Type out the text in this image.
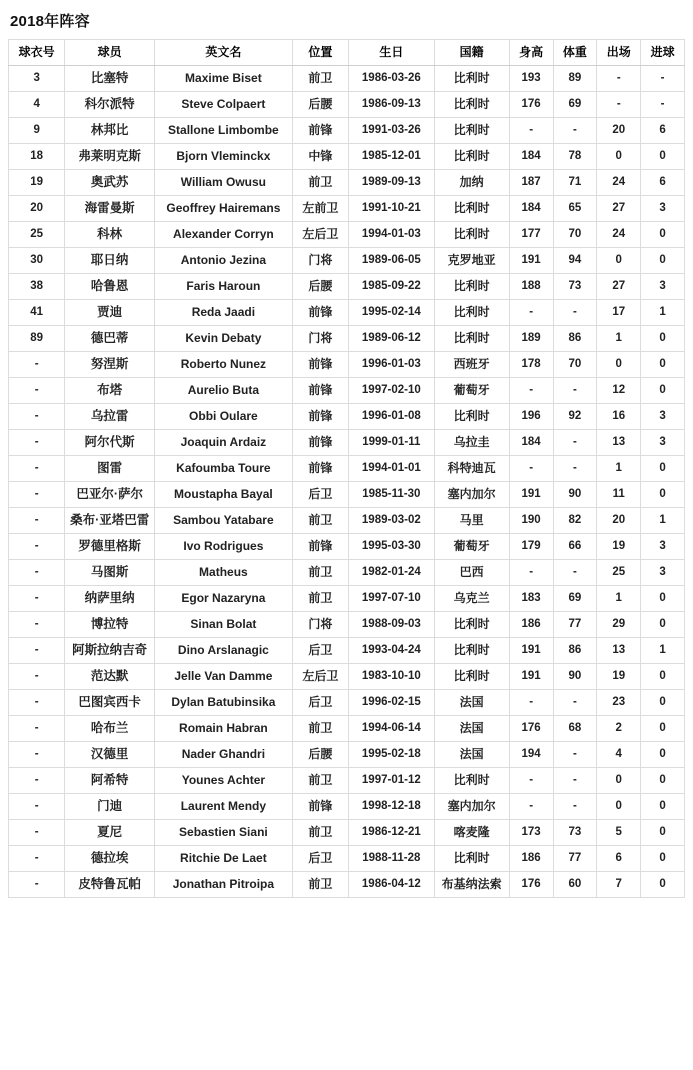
2018年阵容
球衣号	球员	英文名	位置	生日	国籍	身高	体重	出场	进球
3	比塞特	Maxime Biset	前卫	1986-03-26	比利时	193	89	-	-
4	科尔派特	Steve Colpaert	后腰	1986-09-13	比利时	176	69	-	-
9	林邦比	Stallone Limbombe	前锋	1991-03-26	比利时	-	-	20	6
18	弗莱明克斯	Bjorn Vleminckx	中锋	1985-12-01	比利时	184	78	0	0
19	奥武苏	William Owusu	前卫	1989-09-13	加纳	187	71	24	6
20	海雷曼斯	Geoffrey Hairemans	左前卫	1991-10-21	比利时	184	65	27	3
25	科林	Alexander Corryn	左后卫	1994-01-03	比利时	177	70	24	0
30	耶日纳	Antonio Jezina	门将	1989-06-05	克罗地亚	191	94	0	0
38	哈鲁恩	Faris Haroun	后腰	1985-09-22	比利时	188	73	27	3
41	贾迪	Reda Jaadi	前锋	1995-02-14	比利时	-	-	17	1
89	德巴蒂	Kevin Debaty	门将	1989-06-12	比利时	189	86	1	0
-	努涅斯	Roberto Nunez	前锋	1996-01-03	西班牙	178	70	0	0
-	布塔	Aurelio Buta	前锋	1997-02-10	葡萄牙	-	-	12	0
-	乌拉雷	Obbi Oulare	前锋	1996-01-08	比利时	196	92	16	3
-	阿尔代斯	Joaquin Ardaiz	前锋	1999-01-11	乌拉圭	184	-	13	3
-	图雷	Kafoumba Toure	前锋	1994-01-01	科特迪瓦	-	-	1	0
-	巴亚尔·萨尔	Moustapha Bayal	后卫	1985-11-30	塞内加尔	191	90	11	0
-	桑布·亚塔巴雷	Sambou Yatabare	前卫	1989-03-02	马里	190	82	20	1
-	罗德里格斯	Ivo Rodrigues	前锋	1995-03-30	葡萄牙	179	66	19	3
-	马图斯	Matheus	前卫	1982-01-24	巴西	-	-	25	3
-	纳萨里纳	Egor Nazaryna	前卫	1997-07-10	乌克兰	183	69	1	0
-	博拉特	Sinan Bolat	门将	1988-09-03	比利时	186	77	29	0
-	阿斯拉纳吉奇	Dino Arslanagic	后卫	1993-04-24	比利时	191	86	13	1
-	范达默	Jelle Van Damme	左后卫	1983-10-10	比利时	191	90	19	0
-	巴图宾西卡	Dylan Batubinsika	后卫	1996-02-15	法国	-	-	23	0
-	哈布兰	Romain Habran	前卫	1994-06-14	法国	176	68	2	0
-	汉德里	Nader Ghandri	后腰	1995-02-18	法国	194	-	4	0
-	阿希特	Younes Achter	前卫	1997-01-12	比利时	-	-	0	0
-	门迪	Laurent Mendy	前锋	1998-12-18	塞内加尔	-	-	0	0
-	夏尼	Sebastien Siani	前卫	1986-12-21	喀麦隆	173	73	5	0
-	德拉埃	Ritchie De Laet	后卫	1988-11-28	比利时	186	77	6	0
-	皮特鲁瓦帕	Jonathan Pitroipa	前卫	1986-04-12	布基纳法索	176	60	7	0
